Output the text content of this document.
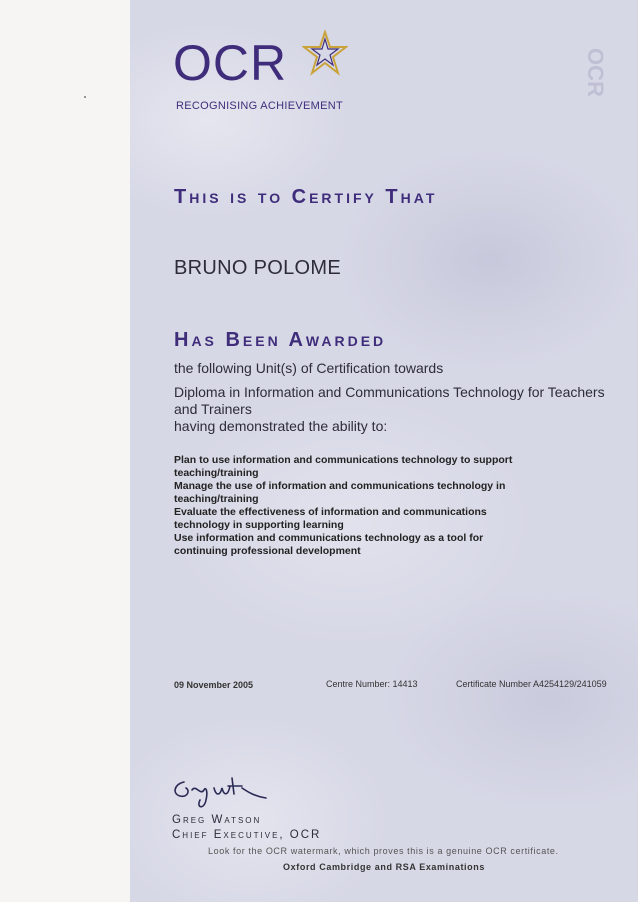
OCR
OCR
RECOGNISING ACHIEVEMENT
This is to Certify That
BRUNO POLOME
Has Been Awarded
the following Unit(s) of Certification towards
Diploma in Information and Communications Technology for Teachers and Trainers
having demonstrated the ability to:
Plan to use information and communications technology to support teaching/training
Manage the use of information and communications technology in teaching/training
Evaluate the effectiveness of information and communications technology in supporting learning
Use information and communications technology as a tool for continuing professional development
09 November 2005	Centre Number: 14413	Certificate Number A4254129/241059
Greg Watson
Chief Executive, OCR
Look for the OCR watermark, which proves this is a genuine OCR certificate.
Oxford Cambridge and RSA Examinations
